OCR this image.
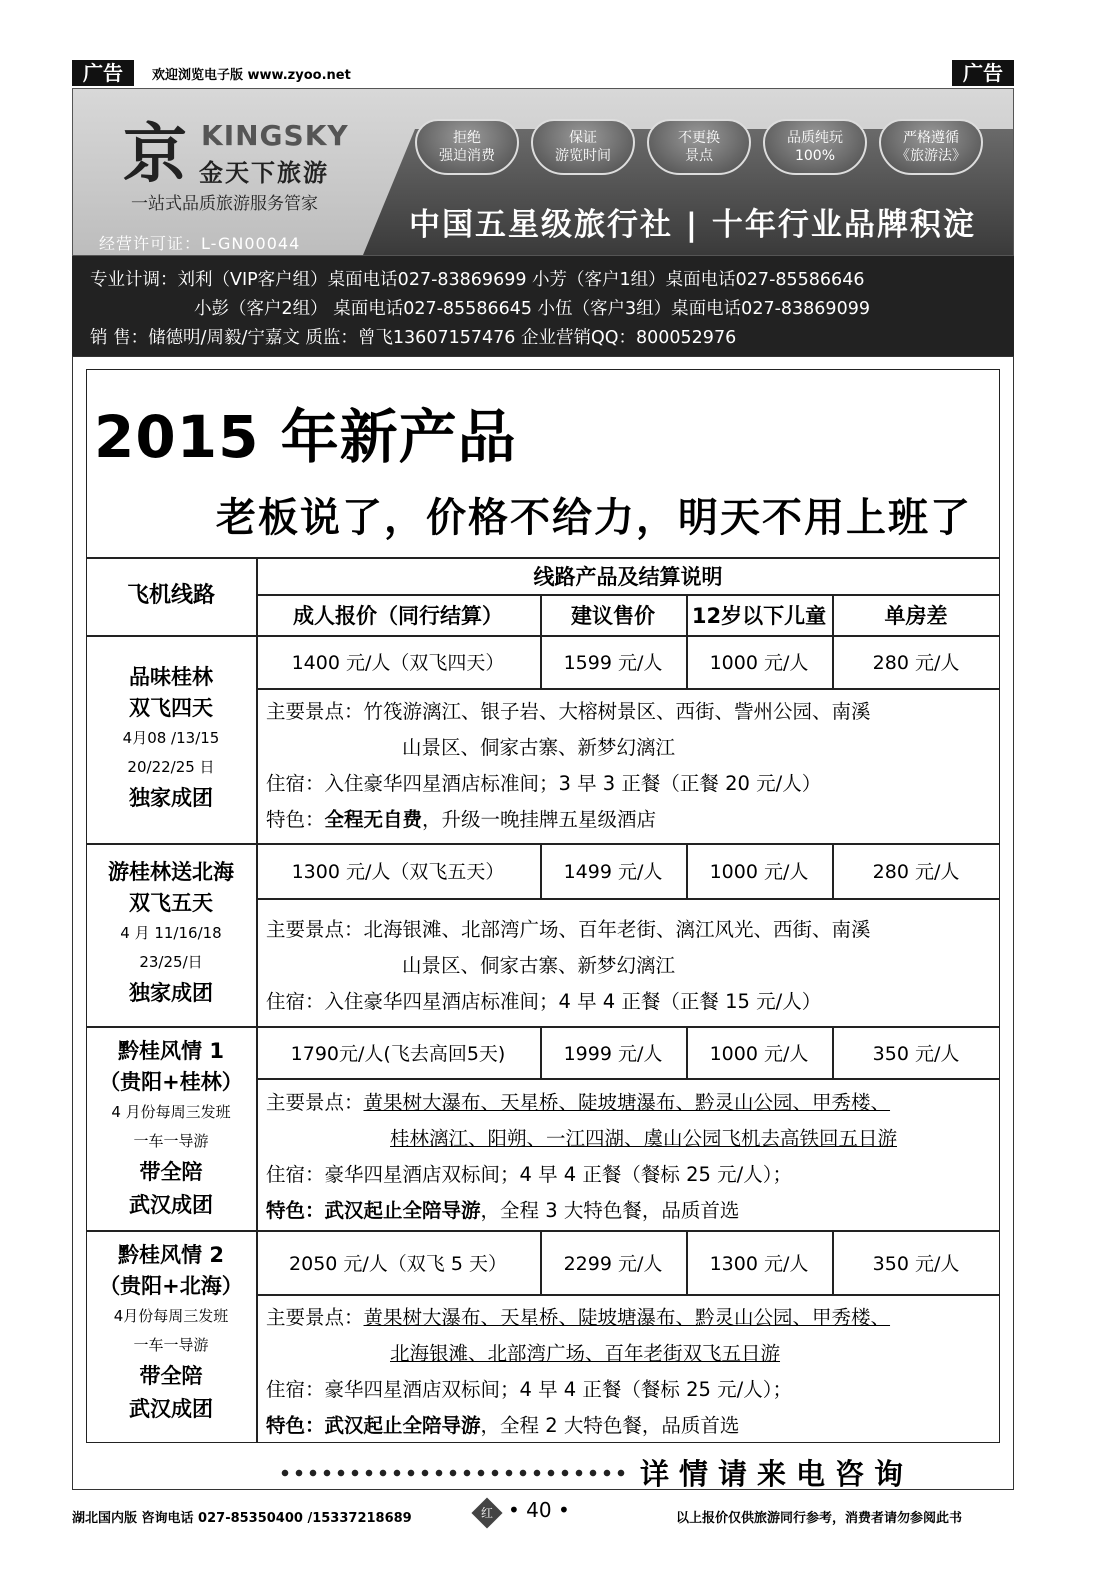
广告	欢迎浏览电子版 www.zyoo.net	广告
京 KINGSKY
金天下旅游
一站式品质旅游服务管家
经营许可证：L-GN00044
拒绝
强迫消费
保证
游览时间
不更换
景点
品质纯玩
100%
严格遵循
《旅游法》
中国五星级旅行社 | 十年行业品牌积淀
专业计调：刘利（VIP客户组）桌面电话027-83869699 小芳（客户1组）桌面电话027-85586646
小彭（客户2组） 桌面电话027-85586645 小伍（客户3组）桌面电话027-83869099
销 售：储德明/周毅/宁嘉文 质监：曾飞13607157476 企业营销QQ：800052976
2015 年新产品
老板说了，价格不给力，明天不用上班了
飞机线路
线路产品及结算说明
成人报价（同行结算）	建议售价	12岁以下儿童	单房差
品味桂林
双飞四天
4月08 /13/15
20/22/25 日
独家成团
1400 元/人（双飞四天）	1599 元/人	1000 元/人	280 元/人
主要景点：竹筏游漓江、银子岩、大榕树景区、西街、訾州公园、南溪
山景区、侗家古寨、新梦幻漓江
住宿：入住豪华四星酒店标准间；3 早 3 正餐（正餐 20 元/人）
特色：全程无自费，升级一晚挂牌五星级酒店
游桂林送北海
双飞五天
4 月 11/16/18
23/25/日
独家成团
1300 元/人（双飞五天）	1499 元/人	1000 元/人	280 元/人
主要景点：北海银滩、北部湾广场、百年老街、漓江风光、西街、南溪
山景区、侗家古寨、新梦幻漓江
住宿：入住豪华四星酒店标准间；4 早 4 正餐（正餐 15 元/人）
黔桂风情 1
（贵阳+桂林）
4 月份每周三发班
一车一导游
带全陪
武汉成团
1790元/人(飞去高回5天)	1999 元/人	1000 元/人	350 元/人
主要景点：黄果树大瀑布、天星桥、陡坡塘瀑布、黔灵山公园、甲秀楼、
桂林漓江、阳朔、一江四湖、虞山公园飞机去高铁回五日游
住宿：豪华四星酒店双标间；4 早 4 正餐（餐标 25 元/人）；
特色：武汉起止全陪导游，全程 3 大特色餐，品质首选
黔桂风情 2
（贵阳+北海）
4月份每周三发班
一车一导游
带全陪
武汉成团
2050 元/人（双飞 5 天）	2299 元/人	1300 元/人	350 元/人
主要景点：黄果树大瀑布、天星桥、陡坡塘瀑布、黔灵山公园、甲秀楼、
北海银滩、北部湾广场、百年老街双飞五日游
住宿：豪华四星酒店双标间；4 早 4 正餐（餐标 25 元/人）；
特色：武汉起止全陪导游，全程 2 大特色餐，品质首选
详情请来电咨询
湖北国内版 咨询电话 027-85350400 /15337218689	红 • 40 •	以上报价仅供旅游同行参考，消费者请勿参阅此书
